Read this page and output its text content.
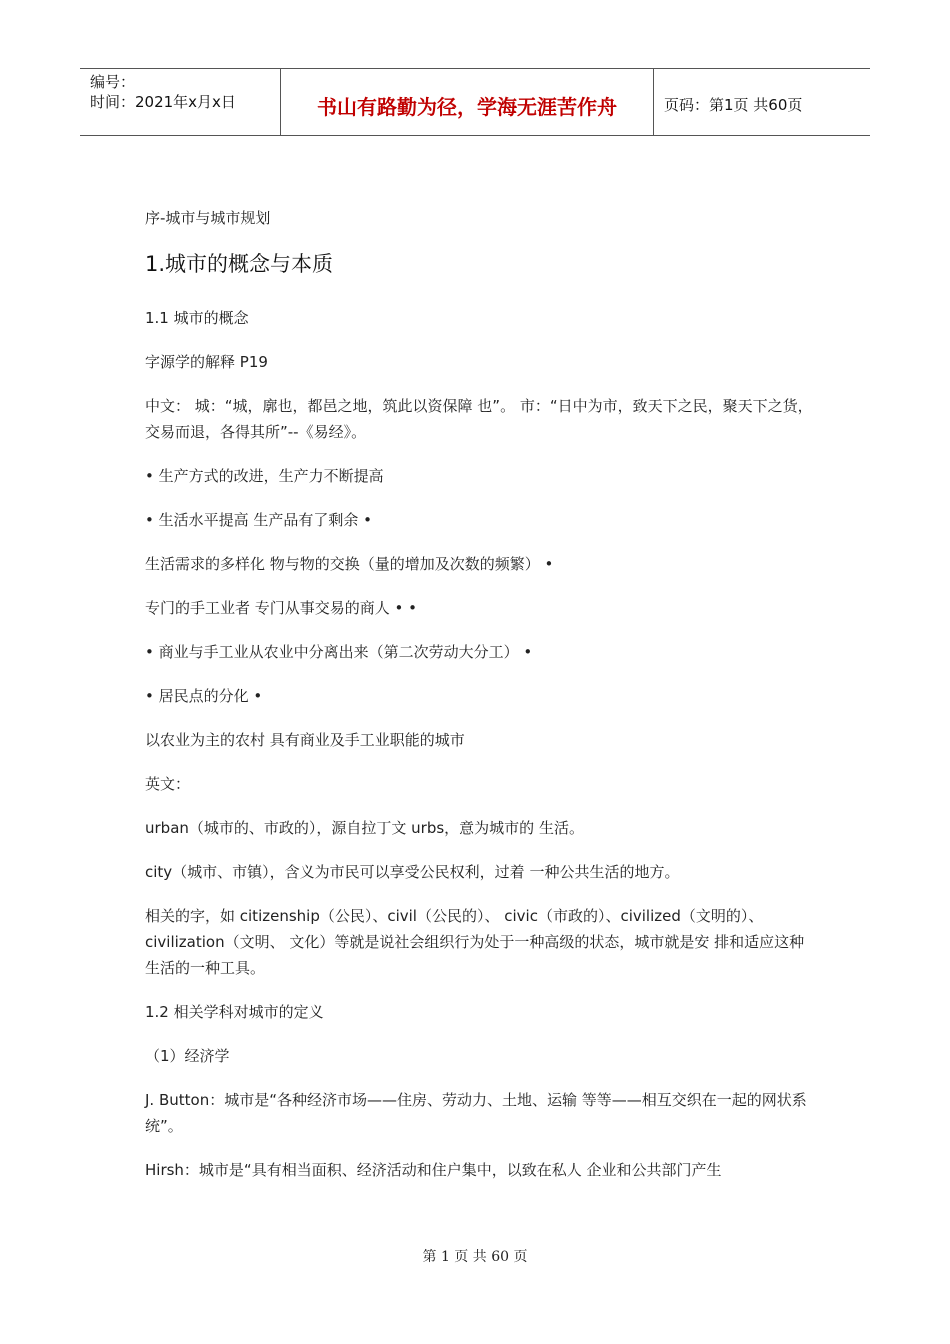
编号：
时间：2021年x月x日	书山有路勤为径，学海无涯苦作舟	页码：第1页 共60页
序-城市与城市规划
1.城市的概念与本质
1.1 城市的概念
字源学的解释 P19
中文： 城：“城，廓也，都邑之地，筑此以资保障 也”。 市：“日中为市，致天下之民，聚天下之货， 交易而退，各得其所”--《易经》。
• 生产方式的改进，生产力不断提高
• 生活水平提高 生产品有了剩余 •
生活需求的多样化 物与物的交换（量的增加及次数的频繁） •
专门的手工业者 专门从事交易的商人 • •
• 商业与手工业从农业中分离出来（第二次劳动大分工） •
• 居民点的分化 •
以农业为主的农村 具有商业及手工业职能的城市
英文：
urban（城市的、市政的），源自拉丁文 urbs，意为城市的 生活。
city（城市、市镇），含义为市民可以享受公民权利，过着 一种公共生活的地方。
相关的字，如 citizenship（公民）、civil（公民的）、 civic（市政的）、civilized（文明的）、civilization（文明、 文化）等就是说社会组织行为处于一种高级的状态，城市就是安 排和适应这种生活的一种工具。
1.2 相关学科对城市的定义
（1）经济学
J. Button：城市是“各种经济市场——住房、劳动力、土地、运输 等等——相互交织在一起的网状系统”。
Hirsh：城市是“具有相当面积、经济活动和住户集中，以致在私人 企业和公共部门产生
第 1 页 共 60 页
